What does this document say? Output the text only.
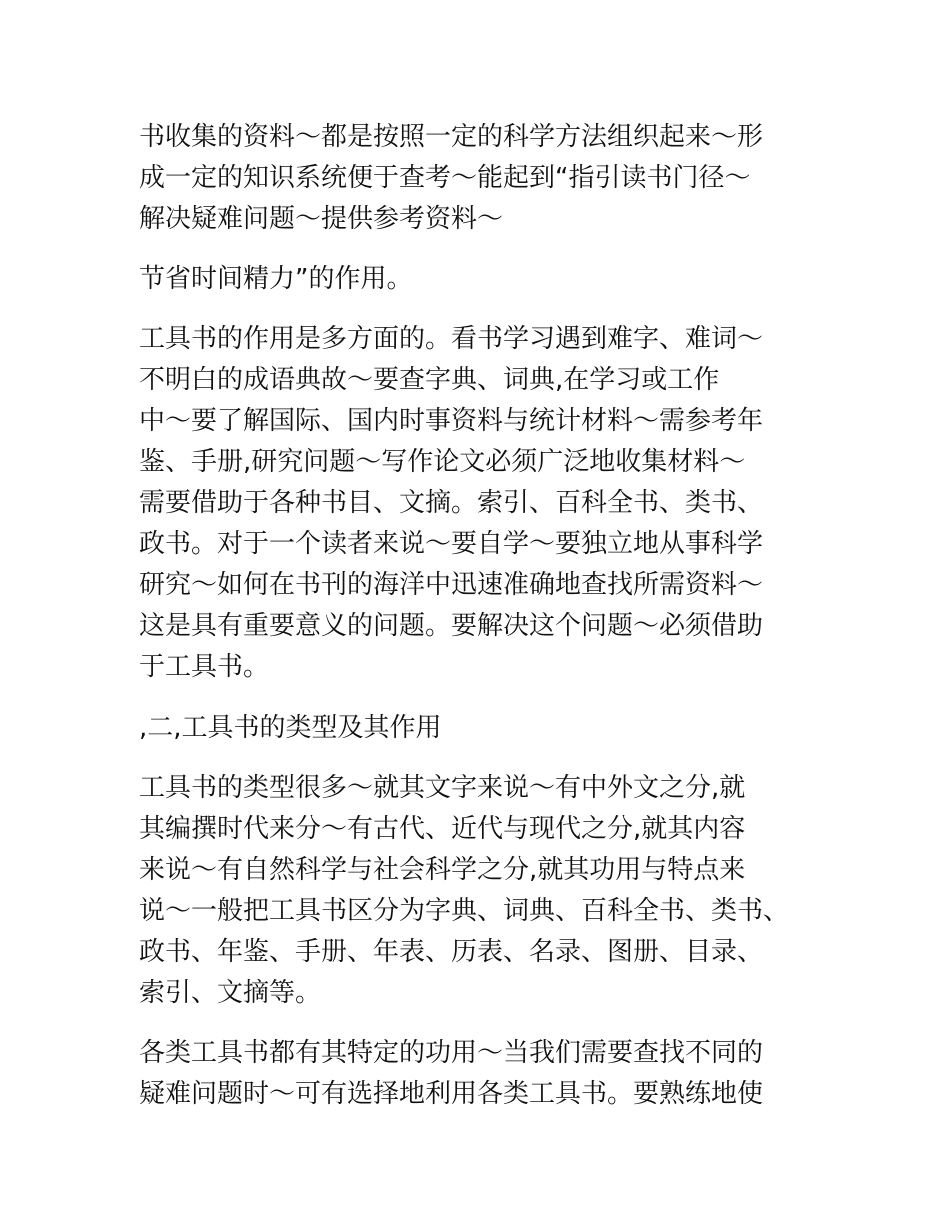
书收集的资料～都是按照一定的科学方法组织起来～形
成一定的知识系统便于查考～能起到“指引读书门径～
解决疑难问题～提供参考资料～
节省时间精力”的作用。
工具书的作用是多方面的。看书学习遇到难字、难词～
不明白的成语典故～要查字典、词典,在学习或工作
中～要了解国际、国内时事资料与统计材料～需参考年
鉴、手册,研究问题～写作论文必须广泛地收集材料～
需要借助于各种书目、文摘。索引、百科全书、类书、
政书。对于一个读者来说～要自学～要独立地从事科学
研究～如何在书刊的海洋中迅速准确地查找所需资料～
这是具有重要意义的问题。要解决这个问题～必须借助
于工具书。
,二,工具书的类型及其作用
工具书的类型很多～就其文字来说～有中外文之分,就
其编撰时代来分～有古代、近代与现代之分,就其内容
来说～有自然科学与社会科学之分,就其功用与特点来
说～一般把工具书区分为字典、词典、百科全书、类书、
政书、年鉴、手册、年表、历表、名录、图册、目录、
索引、文摘等。
各类工具书都有其特定的功用～当我们需要查找不同的
疑难问题时～可有选择地利用各类工具书。要熟练地使
